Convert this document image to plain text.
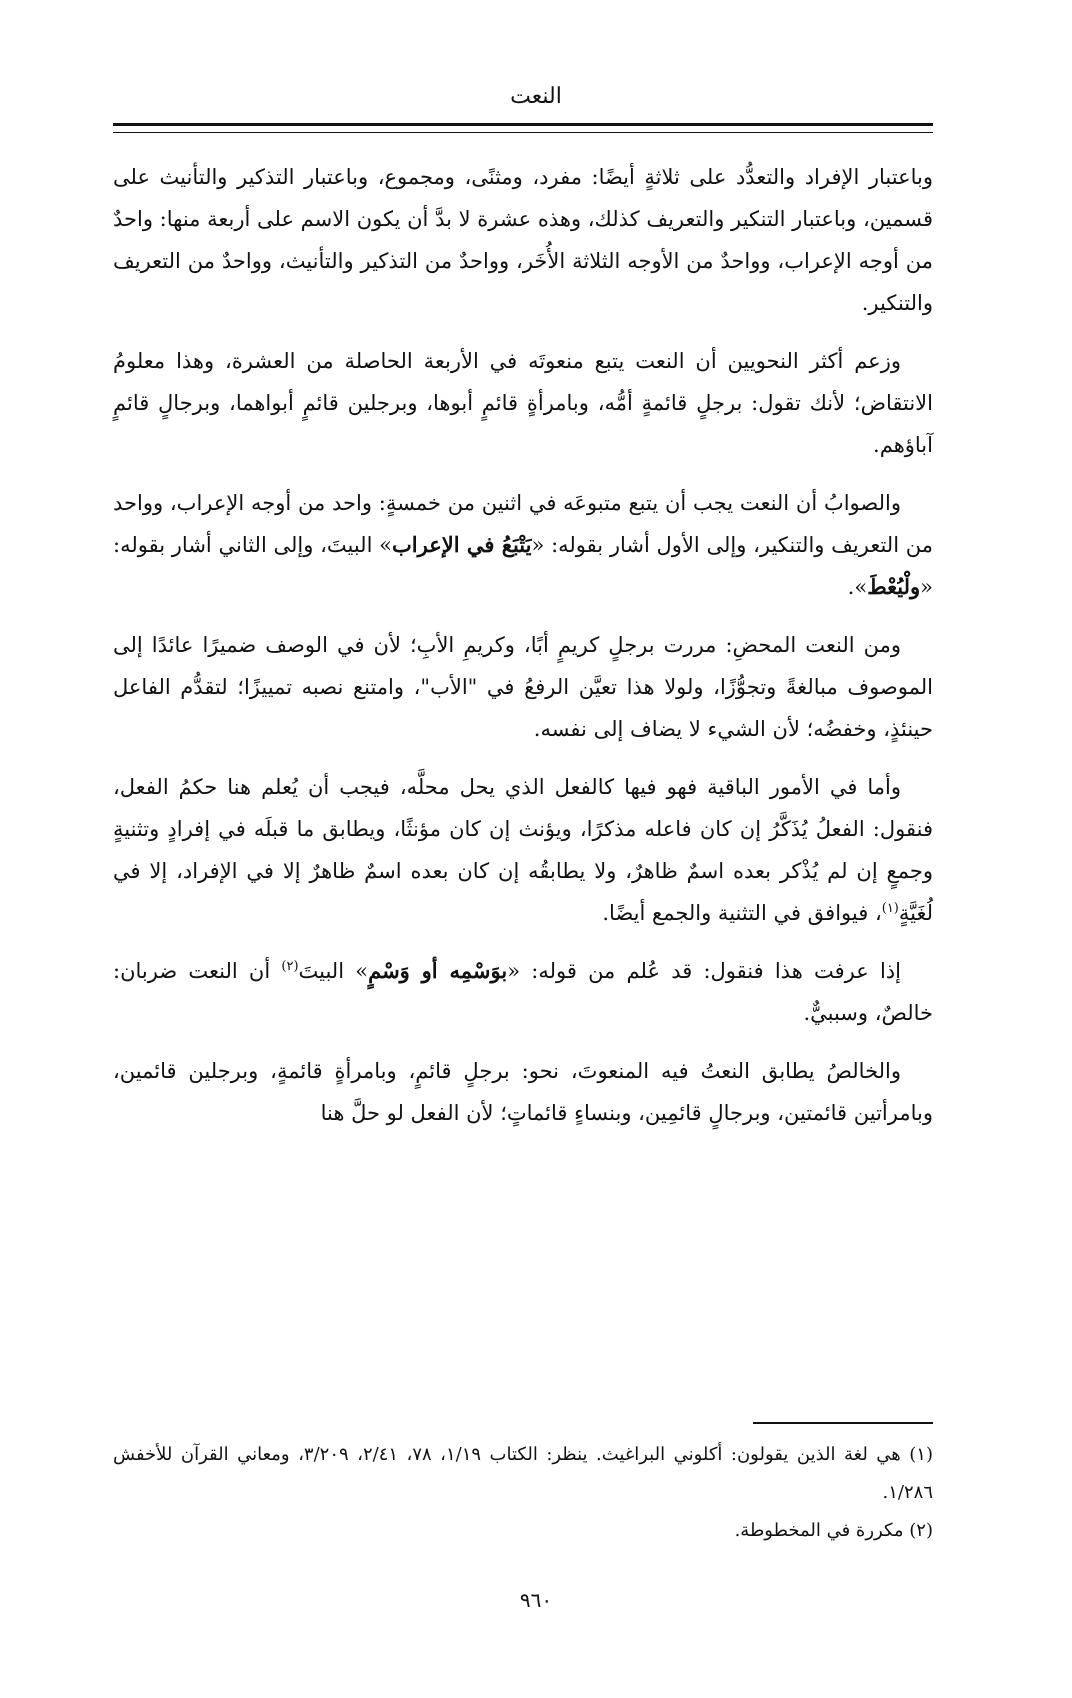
النعت

وباعتبار الإفراد والتعدُّد على ثلاثةٍ أيضًا: مفرد، ومثنًى، ومجموع، وباعتبار التذكير والتأنيث على قسمين، وباعتبار التنكير والتعريف كذلك، وهذه عشرة لا بدَّ أن يكون الاسم على أربعة منها: واحدٌ من أوجه الإعراب، وواحدٌ من الأوجه الثلاثة الأُخَر، وواحدٌ من التذكير والتأنيث، وواحدٌ من التعريف والتنكير.

وزعم أكثر النحويين أن النعت يتبع منعوتَه في الأربعة الحاصلة من العشرة، وهذا معلومُ الانتقاض؛ لأنك تقول: برجلٍ قائمةٍ أمُّه، وبامرأةٍ قائمٍ أبوها، وبرجلين قائمٍ أبواهما، وبرجالٍ قائمٍ آباؤهم.

والصوابُ أن النعت يجب أن يتبع متبوعَه في اثنين من خمسةٍ: واحد من أوجه الإعراب، وواحد من التعريف والتنكير، وإلى الأول أشار بقوله: «يَتْبَعُ في الإعراب» البيتَ، وإلى الثاني أشار بقوله: «ولْيُعْطَ».

ومن النعت المحضِ: مررت برجلٍ كريمٍ أبًا، وكريمِ الأبِ؛ لأن في الوصف ضميرًا عائدًا إلى الموصوف مبالغةً وتجوُّزًا، ولولا هذا تعيَّن الرفعُ في "الأب"، وامتنع نصبه تمييزًا؛ لتقدُّم الفاعل حينئذٍ، وخفضُه؛ لأن الشيء لا يضاف إلى نفسه.

وأما في الأمور الباقية فهو فيها كالفعل الذي يحل محلَّه، فيجب أن يُعلم هنا حكمُ الفعل، فنقول: الفعلُ يُذَكَّرُ إن كان فاعله مذكرًا، ويؤنث إن كان مؤنثًا، ويطابق ما قبلَه في إفرادٍ وتثنيةٍ وجمعٍ إن لم يُذْكر بعده اسمٌ ظاهرٌ، ولا يطابقُه إن كان بعده اسمٌ ظاهرٌ إلا في الإفراد، إلا في لُغَيَّةٍ$^{(١)}$، فيوافق في التثنية والجمع أيضًا.

إذا عرفت هذا فنقول: قد عُلم من قوله: «بوَسْمِه أو وَسْمٍ» البيتَ$^{(٢)}$ أن النعت ضربان: خالصٌ، وسببيٌّ.

والخالصُ يطابق النعتُ فيه المنعوتَ، نحو: برجلٍ قائمٍ، وبامرأةٍ قائمةٍ، وبرجلين قائمين، وبامرأتين قائمتين، وبرجالٍ قائمِين، وبنساءٍ قائماتٍ؛ لأن الفعل لو حلَّ هنا

(١) هي لغة الذين يقولون: أكلوني البراغيث. ينظر: الكتاب ١/١٩، ٧٨، ٢/٤١، ٣/٢٠٩، ومعاني القرآن للأخفش ١/٢٨٦.

(٢) مكررة في المخطوطة.

٩٦٠
